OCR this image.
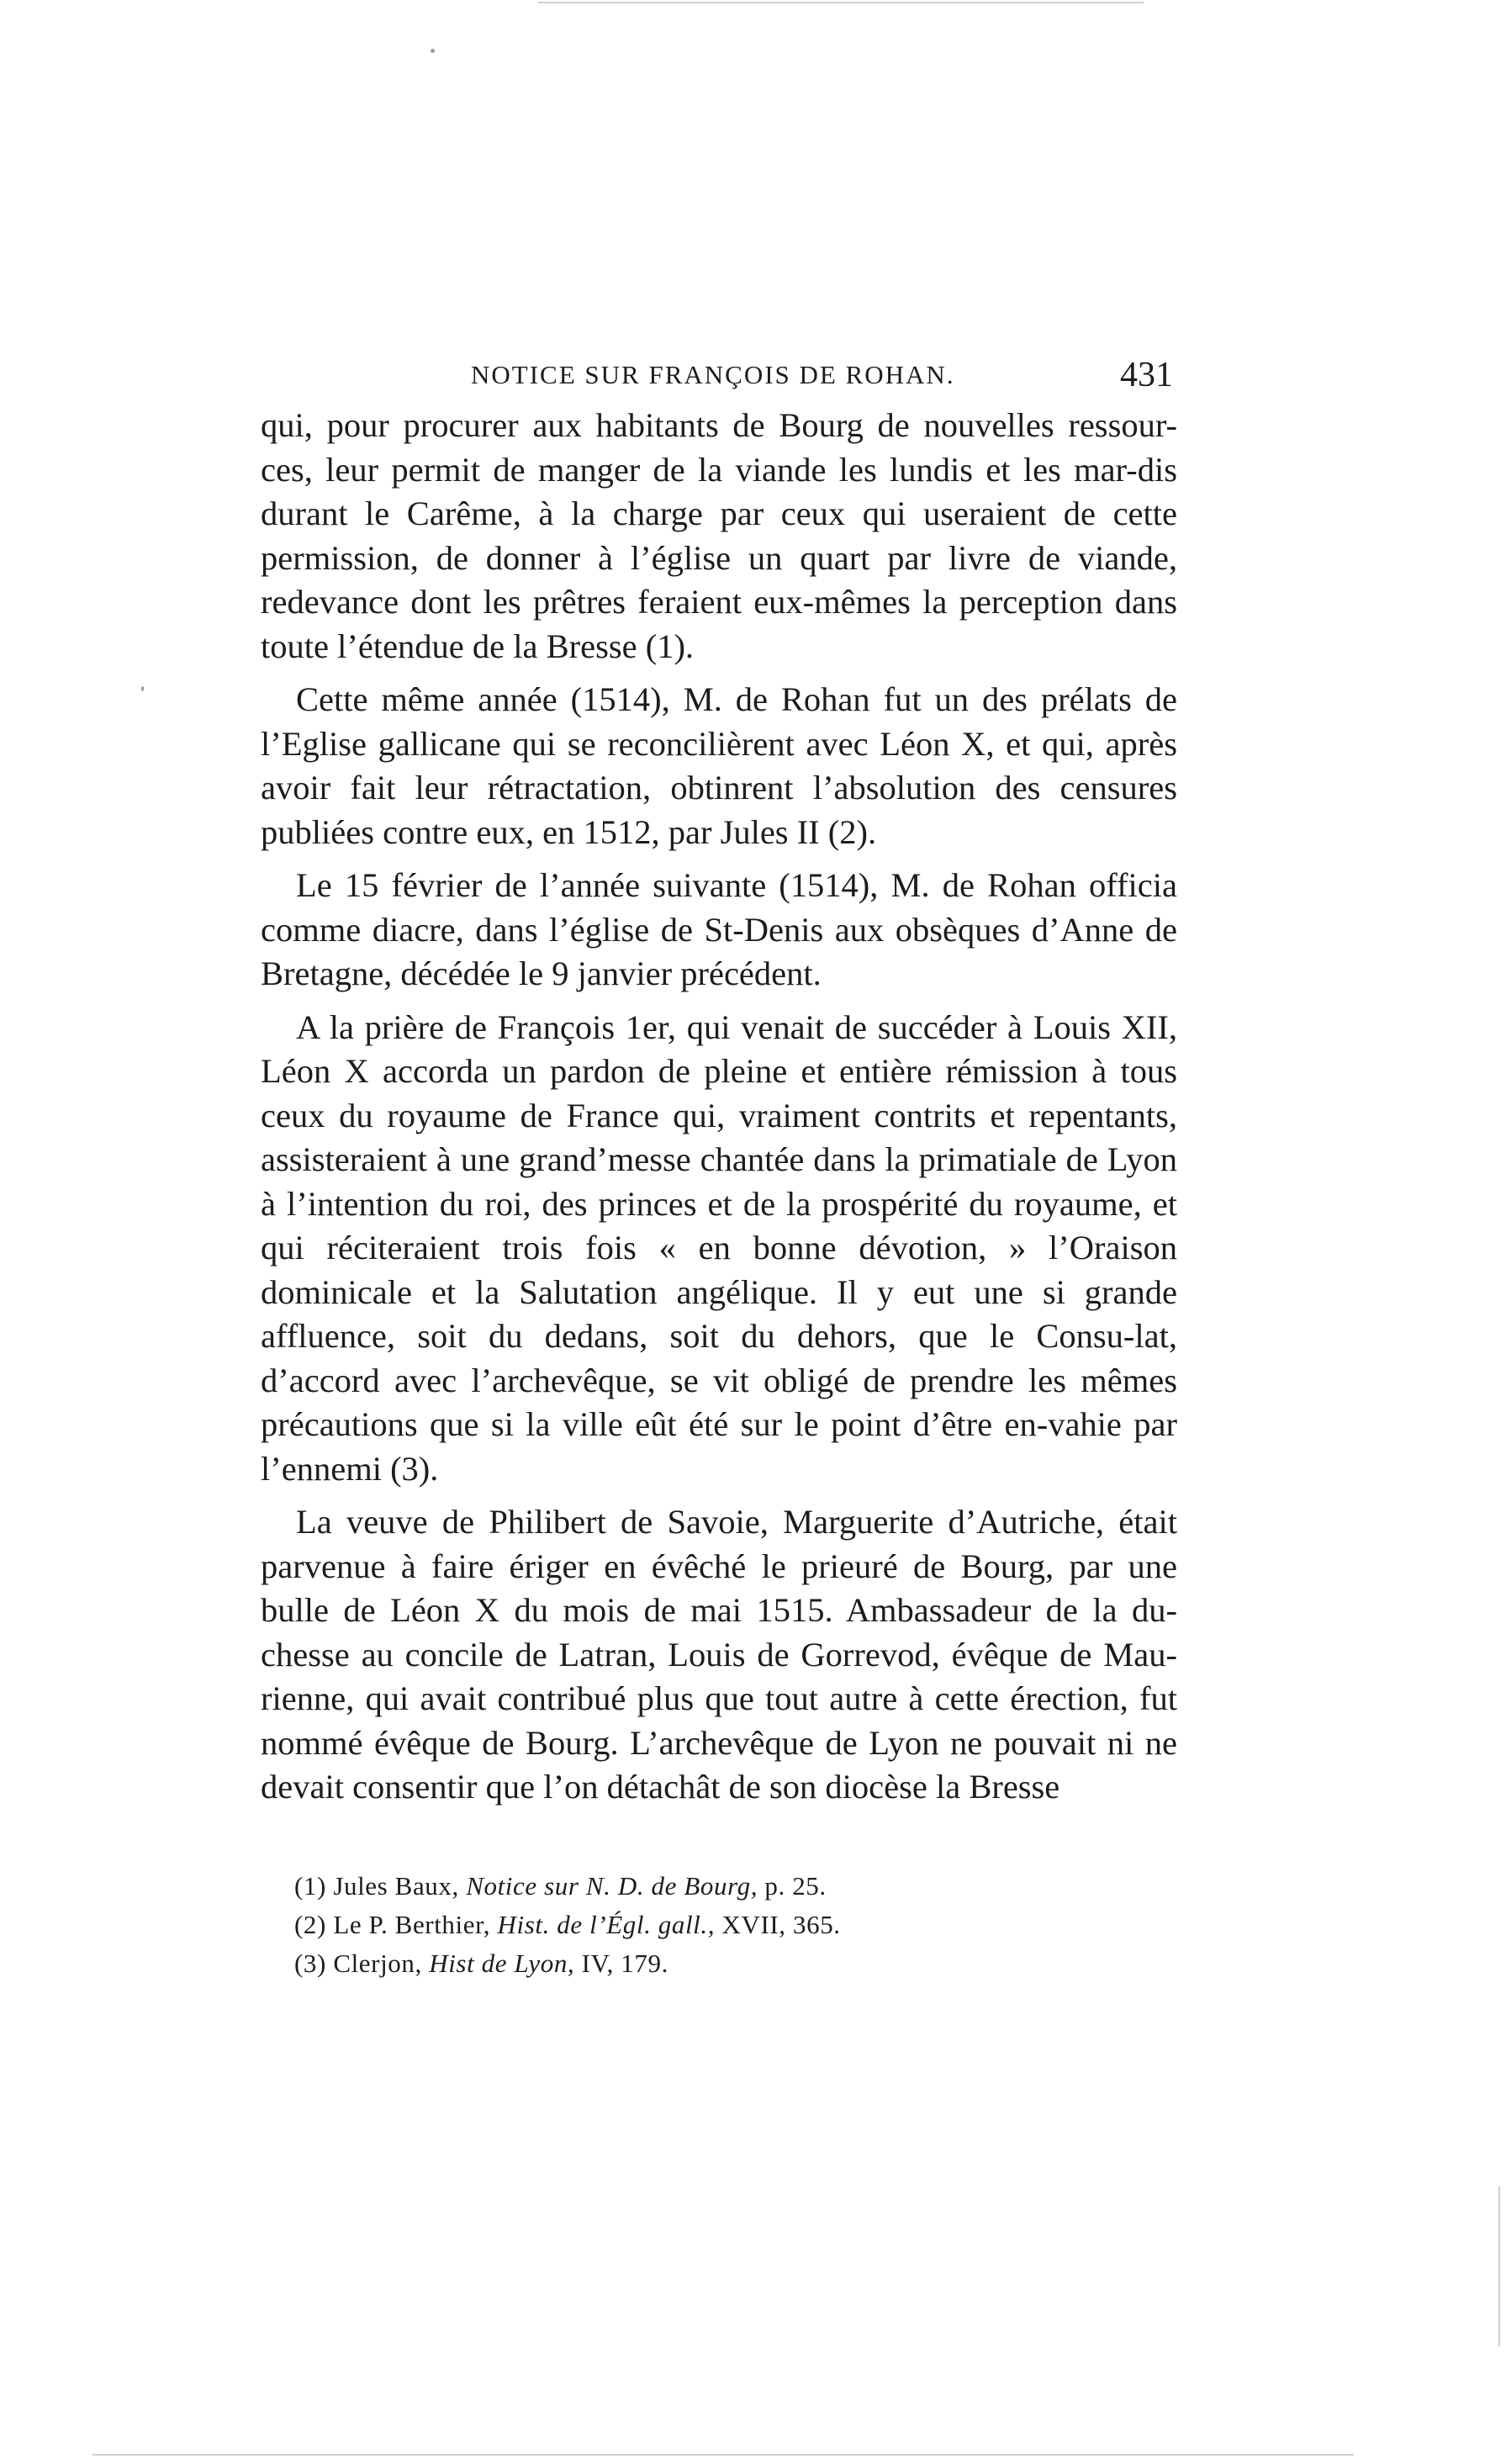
NOTICE SUR FRANÇOIS DE ROHAN.	431

qui, pour procurer aux habitants de Bourg de nouvelles ressour-ces, leur permit de manger de la viande les lundis et les mar-dis durant le Carême, à la charge par ceux qui useraient de cette permission, de donner à l’église un quart par livre de viande, redevance dont les prêtres feraient eux-mêmes la perception dans toute l’étendue de la Bresse (1).

Cette même année (1514), M. de Rohan fut un des prélats de l’Eglise gallicane qui se reconcilièrent avec Léon X, et qui, après avoir fait leur rétractation, obtinrent l’absolution des censures publiées contre eux, en 1512, par Jules II (2).

Le 15 février de l’année suivante (1514), M. de Rohan officia comme diacre, dans l’église de St-Denis aux obsèques d’Anne de Bretagne, décédée le 9 janvier précédent.

A la prière de François 1er, qui venait de succéder à Louis XII, Léon X accorda un pardon de pleine et entière rémission à tous ceux du royaume de France qui, vraiment contrits et repentants, assisteraient à une grand’messe chantée dans la primatiale de Lyon à l’intention du roi, des princes et de la prospérité du royaume, et qui réciteraient trois fois « en bonne dévotion, » l’Oraison dominicale et la Salutation angélique. Il y eut une si grande affluence, soit du dedans, soit du dehors, que le Consu-lat, d’accord avec l’archevêque, se vit obligé de prendre les mêmes précautions que si la ville eût été sur le point d’être en-vahie par l’ennemi (3).

La veuve de Philibert de Savoie, Marguerite d’Autriche, était parvenue à faire ériger en évêché le prieuré de Bourg, par une bulle de Léon X du mois de mai 1515. Ambassadeur de la du-chesse au concile de Latran, Louis de Gorrevod, évêque de Mau-rienne, qui avait contribué plus que tout autre à cette érection, fut nommé évêque de Bourg. L’archevêque de Lyon ne pouvait ni ne devait consentir que l’on détachât de son diocèse la Bresse

(1) Jules Baux, Notice sur N. D. de Bourg, p. 25.
(2) Le P. Berthier, Hist. de l’Égl. gall., XVII, 365.
(3) Clerjon, Hist de Lyon, IV, 179.
